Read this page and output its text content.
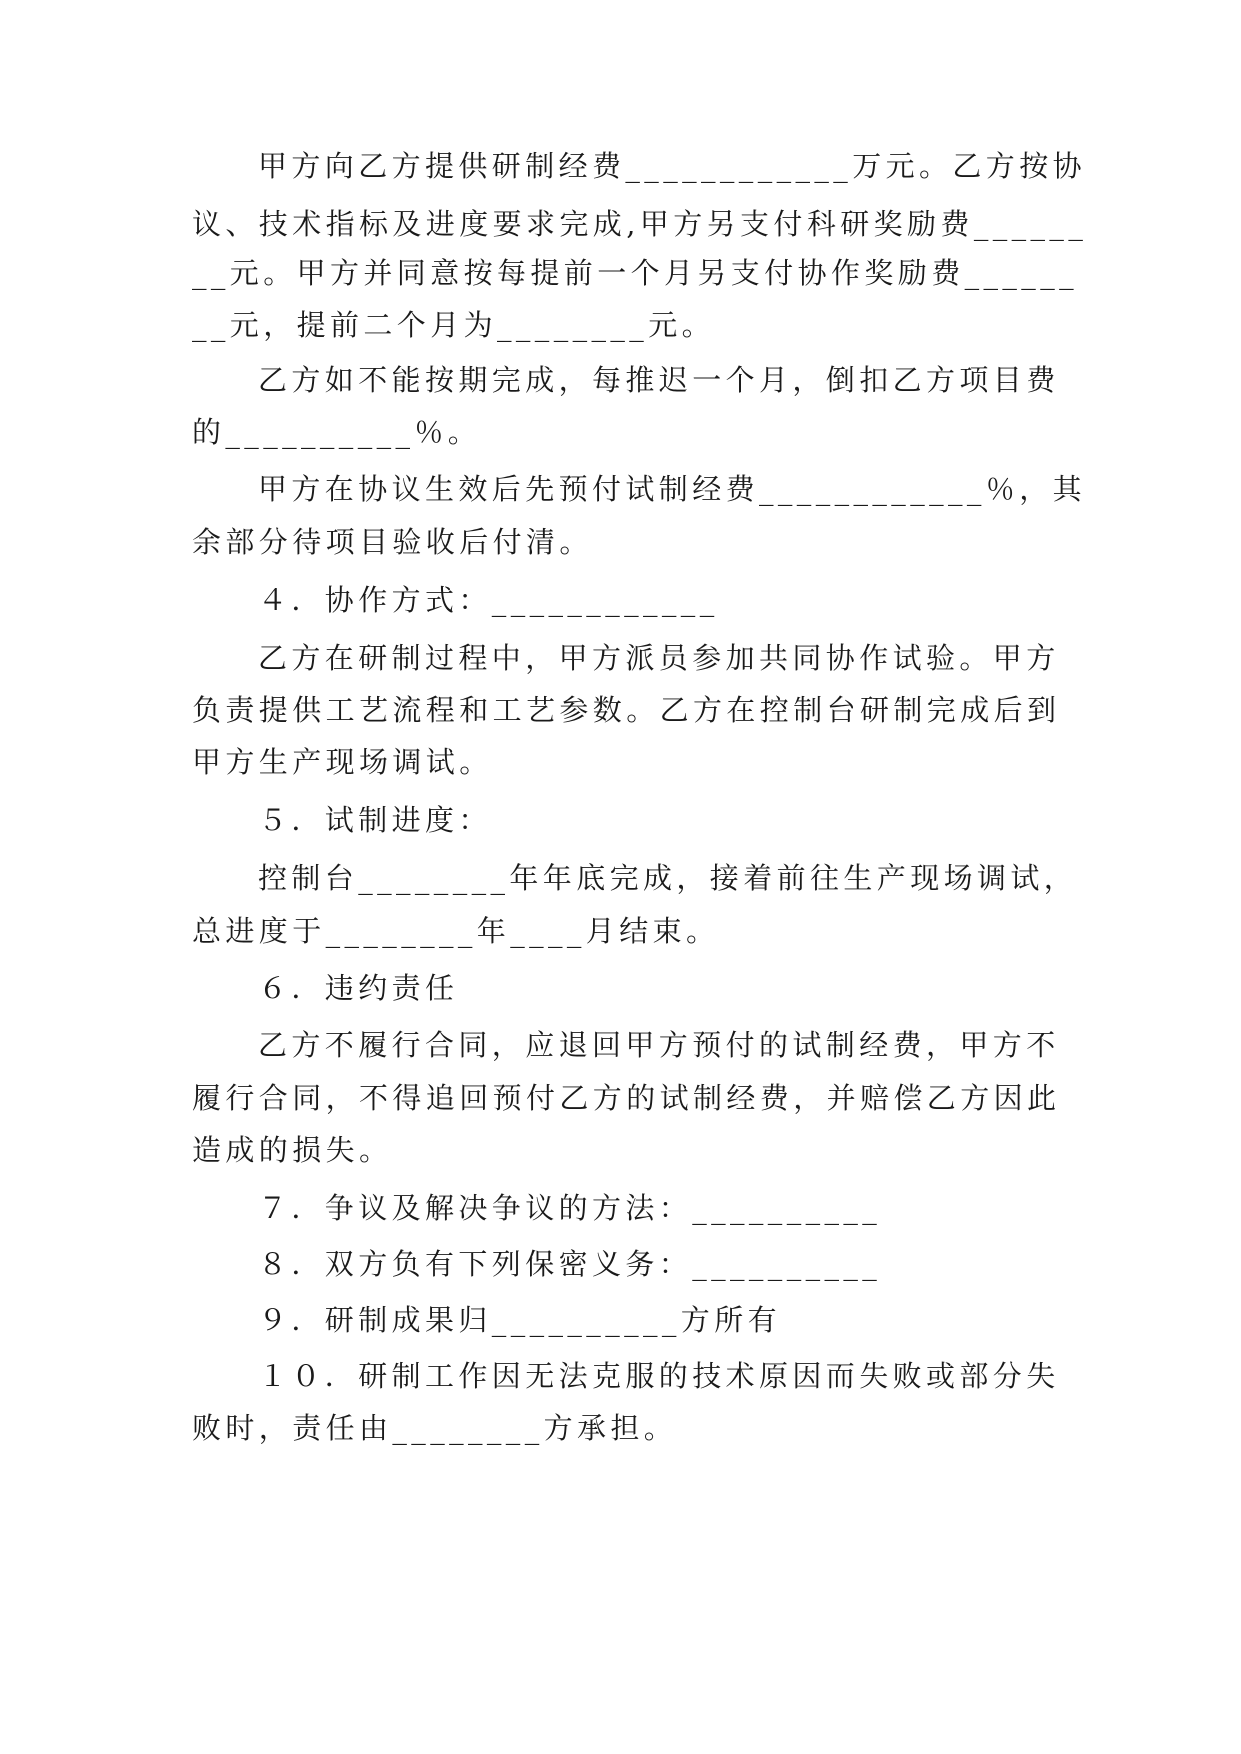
甲方向乙方提供研制经费____________万元。乙方按协
议、技术指标及进度要求完成,甲方另支付科研奖励费______
__元。甲方并同意按每提前一个月另支付协作奖励费______
__元，提前二个月为________元。
乙方如不能按期完成，每推迟一个月，倒扣乙方项目费
的__________％。
甲方在协议生效后先预付试制经费____________％，其
余部分待项目验收后付清。
４．协作方式：____________
乙方在研制过程中，甲方派员参加共同协作试验。甲方
负责提供工艺流程和工艺参数。乙方在控制台研制完成后到
甲方生产现场调试。
５．试制进度：
控制台________年年底完成，接着前往生产现场调试，
总进度于________年____月结束。
６．违约责任
乙方不履行合同，应退回甲方预付的试制经费，甲方不
履行合同，不得追回预付乙方的试制经费，并赔偿乙方因此
造成的损失。
７．争议及解决争议的方法：__________
８．双方负有下列保密义务：__________
９．研制成果归__________方所有
１０．研制工作因无法克服的技术原因而失败或部分失
败时，责任由________方承担。
